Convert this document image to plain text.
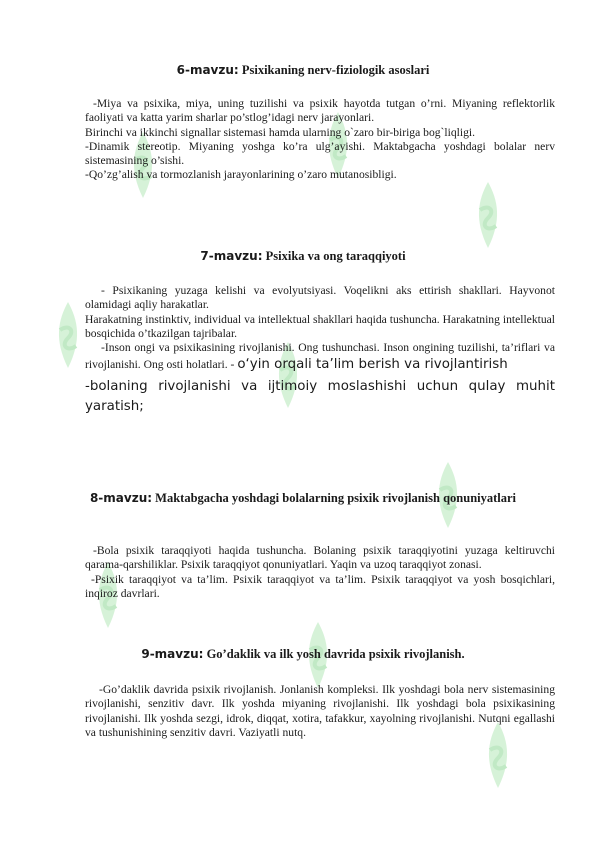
6-mavzu: Psixikaning nerv-fiziologik asoslari

-Miya va psixika, miya, uning tuzilishi va psixik hayotda tutgan o’rni. Miyaning reflektorlik faoliyati va katta yarim sharlar po’stlog’idagi nerv jarayonlari.

Birinchi va ikkinchi signallar sistemasi hamda ularning o`zaro bir-biriga bog`liqligi.

-Dinamik stereotip. Miyaning yoshga ko’ra ulg’ayishi. Maktabgacha yoshdagi bolalar nerv sistemasining o’sishi.

-Qo’zg’alish va tormozlanish jarayonlarining o’zaro mutanosibligi.

7-mavzu: Psixika va ong taraqqiyoti

- Psixikaning yuzaga kelishi va evolyutsiyasi. Voqelikni aks ettirish shakllari. Hayvonot olamidagi aqliy harakatlar.

Harakatning instinktiv, individual va intellektual shakllari haqida tushuncha. Harakatning intellektual bosqichida o’tkazilgan tajribalar.

-Inson ongi va psixikasining rivojlanishi. Ong tushunchasi. Inson ongining tuzilishi, ta’riflari va rivojlanishi. Ong osti holatlari. - o‘yin orqali ta’lim berish va rivojlantirish

-bolaning rivojlanishi va ijtimoiy moslashishi uchun qulay muhit yaratish;

8-mavzu: Maktabgacha yoshdagi bolalarning psixik rivojlanish qonuniyatlari

-Bola psixik taraqqiyoti haqida tushuncha. Bolaning psixik taraqqiyotini yuzaga keltiruvchi qarama-qarshiliklar. Psixik taraqqiyot qonuniyatlari. Yaqin va uzoq taraqqiyot zonasi.

-Psixik taraqqiyot va ta’lim. Psixik taraqqiyot va ta’lim. Psixik taraqqiyot va yosh bosqichlari, inqiroz davrlari.

9-mavzu: Go’daklik va ilk yosh davrida psixik rivojlanish.

-Go’daklik davrida psixik rivojlanish. Jonlanish kompleksi. Ilk yoshdagi bola nerv sistemasining rivojlanishi, senzitiv davr. Ilk yoshda miyaning rivojlanishi. Ilk yoshdagi bola psixikasining rivojlanishi. Ilk yoshda sezgi, idrok, diqqat, xotira, tafakkur, xayolning rivojlanishi. Nutqni egallashi va tushunishining senzitiv davri. Vaziyatli nutq.
